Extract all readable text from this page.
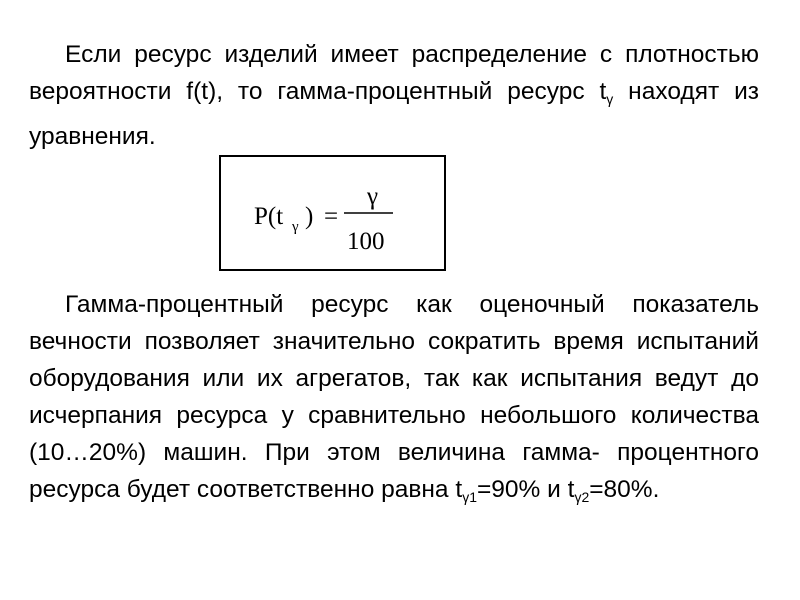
Если ресурс изделий имеет распределение с плотностью вероятности f(t), то гамма-процентный ресурс $t_\gamma$ находят из уравнения.
P(t γ ) =
γ
100
Гамма-процентный ресурс как оценочный показатель вечности позволяет значительно сократить время испытаний оборудования или их агрегатов, так как испытания ведут до исчерпания ресурса у сравнительно небольшого количества (10…20%) машин. При этом величина гамма- процентного ресурса будет соответственно равна $t_{\gamma 1}=90\%$ и $t_{\gamma 2}=80\%$.
